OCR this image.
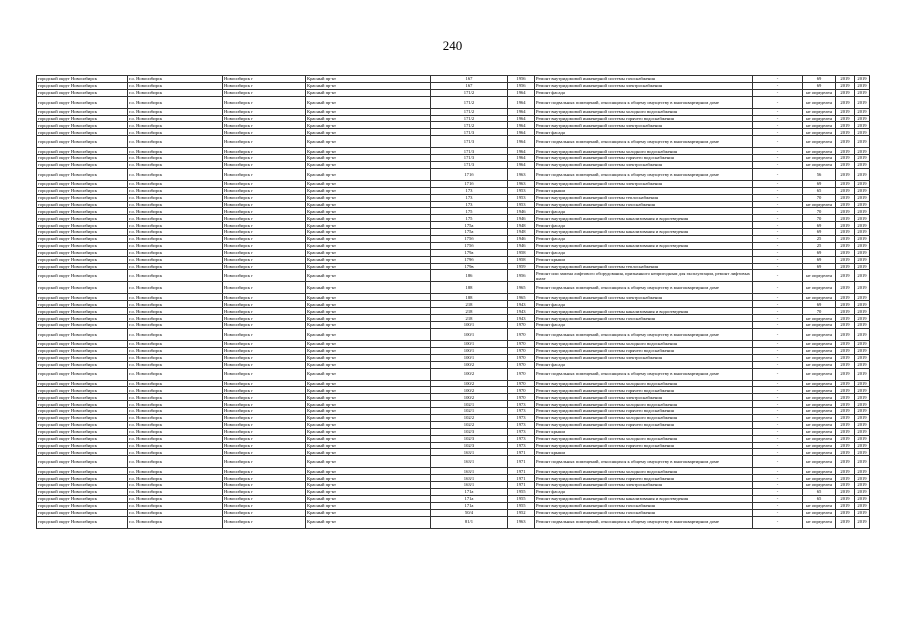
240
городской округ Новосибирск	г.о. Новосибирск	Новосибирск г	Красный пр-кт	167	1956	Ремонт внутридомовой инженерной системы газоснабжения	-	69	2019	2019
городской округ Новосибирск	г.о. Новосибирск	Новосибирск г	Красный пр-кт	167	1956	Ремонт внутридомовой инженерной системы электроснабжения	-	69	2019	2019
городской округ Новосибирск	г.о. Новосибирск	Новосибирск г	Красный пр-кт	171/2	1964	Ремонт фасада	-	не определен	2019	2019
городской округ Новосибирск	г.о. Новосибирск	Новосибирск г	Красный пр-кт	171/2	1964	Ремонт подвальных помещений, относящихся к общему имуществу в многоквартирном доме	-	не определен	2019	2019
городской округ Новосибирск	г.о. Новосибирск	Новосибирск г	Красный пр-кт	171/2	1964	Ремонт внутридомовой инженерной системы холодного водоснабжения	-	не определен	2019	2019
городской округ Новосибирск	г.о. Новосибирск	Новосибирск г	Красный пр-кт	171/2	1964	Ремонт внутридомовой инженерной системы горячего водоснабжения	-	не определен	2019	2019
городской округ Новосибирск	г.о. Новосибирск	Новосибирск г	Красный пр-кт	171/2	1964	Ремонт внутридомовой инженерной системы электроснабжения	-	не определен	2019	2019
городской округ Новосибирск	г.о. Новосибирск	Новосибирск г	Красный пр-кт	171/3	1964	Ремонт фасада	-	не определен	2019	2019
городской округ Новосибирск	г.о. Новосибирск	Новосибирск г	Красный пр-кт	171/3	1964	Ремонт подвальных помещений, относящихся к общему имуществу в многоквартирном доме	-	не определен	2019	2019
городской округ Новосибирск	г.о. Новосибирск	Новосибирск г	Красный пр-кт	171/3	1964	Ремонт внутридомовой инженерной системы холодного водоснабжения	-	не определен	2019	2019
городской округ Новосибирск	г.о. Новосибирск	Новосибирск г	Красный пр-кт	171/3	1964	Ремонт внутридомовой инженерной системы горячего водоснабжения	-	не определен	2019	2019
городской округ Новосибирск	г.о. Новосибирск	Новосибирск г	Красный пр-кт	171/3	1964	Ремонт внутридомовой инженерной системы электроснабжения	-	не определен	2019	2019
городской округ Новосибирск	г.о. Новосибирск	Новосибирск г	Красный пр-кт	171б	1963	Ремонт подвальных помещений, относящихся к общему имуществу в многоквартирном доме	-	56	2019	2019
городской округ Новосибирск	г.о. Новосибирск	Новосибирск г	Красный пр-кт	171б	1963	Ремонт внутридомовой инженерной системы электроснабжения	-	69	2019	2019
городской округ Новосибирск	г.о. Новосибирск	Новосибирск г	Красный пр-кт	173	1953	Ремонт крыши	-	65	2019	2019
городской округ Новосибирск	г.о. Новосибирск	Новосибирск г	Красный пр-кт	173	1953	Ремонт внутридомовой инженерной системы теплоснабжения	-	70	2019	2019
городской округ Новосибирск	г.о. Новосибирск	Новосибирск г	Красный пр-кт	173	1953	Ремонт внутридомовой инженерной системы газоснабжения	-	не определен	2019	2019
городской округ Новосибирск	г.о. Новосибирск	Новосибирск г	Красный пр-кт	175	1946	Ремонт фасада	-	70	2019	2019
городской округ Новосибирск	г.о. Новосибирск	Новосибирск г	Красный пр-кт	175	1946	Ремонт внутридомовой инженерной системы канализования и водоотведения	-	70	2019	2019
городской округ Новосибирск	г.о. Новосибирск	Новосибирск г	Красный пр-кт	175а	1948	Ремонт фасада	-	69	2019	2019
городской округ Новосибирск	г.о. Новосибирск	Новосибирск г	Красный пр-кт	175а	1948	Ремонт внутридомовой инженерной системы канализования и водоотведения	-	69	2019	2019
городской округ Новосибирск	г.о. Новосибирск	Новосибирск г	Красный пр-кт	175б	1946	Ремонт фасада	-	25	2019	2019
городской округ Новосибирск	г.о. Новосибирск	Новосибирск г	Красный пр-кт	175б	1946	Ремонт внутридомовой инженерной системы канализования и водоотведения	-	25	2019	2019
городской округ Новосибирск	г.о. Новосибирск	Новосибирск г	Красный пр-кт	179а	1958	Ремонт фасада	-	69	2019	2019
городской округ Новосибирск	г.о. Новосибирск	Новосибирск г	Красный пр-кт	179б	1958	Ремонт крыши	-	69	2019	2019
городской округ Новосибирск	г.о. Новосибирск	Новосибирск г	Красный пр-кт	179в	1959	Ремонт внутридомовой инженерной системы теплоснабжения	-	69	2019	2019
городской округ Новосибирск	г.о. Новосибирск	Новосибирск г	Красный пр-кт	186	1956	Ремонт или замена лифтового оборудования, признанного непригодным для эксплуатации, ремонт лифтовых шахт	-	не определен	2019	2019
городской округ Новосибирск	г.о. Новосибирск	Новосибирск г	Красный пр-кт	188	1965	Ремонт подвальных помещений, относящихся к общему имуществу в многоквартирном доме	-	не определен	2019	2019
городской округ Новосибирск	г.о. Новосибирск	Новосибирск г	Красный пр-кт	188	1965	Ремонт внутридомовой инженерной системы электроснабжения	-	не определен	2019	2019
городской округ Новосибирск	г.о. Новосибирск	Новосибирск г	Красный пр-кт	218	1943	Ремонт фасада	-	69	2019	2019
городской округ Новосибирск	г.о. Новосибирск	Новосибирск г	Красный пр-кт	218	1943	Ремонт внутридомовой инженерной системы канализования и водоотведения	-	70	2019	2019
городской округ Новосибирск	г.о. Новосибирск	Новосибирск г	Красный пр-кт	218	1943	Ремонт внутридомовой инженерной системы газоснабжения	-	не определен	2019	2019
городской округ Новосибирск	г.о. Новосибирск	Новосибирск г	Красный пр-кт	100/1	1970	Ремонт фасада	-	не определен	2019	2019
городской округ Новосибирск	г.о. Новосибирск	Новосибирск г	Красный пр-кт	100/1	1970	Ремонт подвальных помещений, относящихся к общему имуществу в многоквартирном доме	-	не определен	2019	2019
городской округ Новосибирск	г.о. Новосибирск	Новосибирск г	Красный пр-кт	100/1	1970	Ремонт внутридомовой инженерной системы холодного водоснабжения	-	не определен	2019	2019
городской округ Новосибирск	г.о. Новосибирск	Новосибирск г	Красный пр-кт	100/1	1970	Ремонт внутридомовой инженерной системы горячего водоснабжения	-	не определен	2019	2019
городской округ Новосибирск	г.о. Новосибирск	Новосибирск г	Красный пр-кт	100/1	1970	Ремонт внутридомовой инженерной системы электроснабжения	-	не определен	2019	2019
городской округ Новосибирск	г.о. Новосибирск	Новосибирск г	Красный пр-кт	100/2	1970	Ремонт фасада	-	не определен	2019	2019
городской округ Новосибирск	г.о. Новосибирск	Новосибирск г	Красный пр-кт	100/2	1970	Ремонт подвальных помещений, относящихся к общему имуществу в многоквартирном доме	-	не определен	2019	2019
городской округ Новосибирск	г.о. Новосибирск	Новосибирск г	Красный пр-кт	100/2	1970	Ремонт внутридомовой инженерной системы холодного водоснабжения	-	не определен	2019	2019
городской округ Новосибирск	г.о. Новосибирск	Новосибирск г	Красный пр-кт	100/2	1970	Ремонт внутридомовой инженерной системы горячего водоснабжения	-	не определен	2019	2019
городской округ Новосибирск	г.о. Новосибирск	Новосибирск г	Красный пр-кт	100/2	1970	Ремонт внутридомовой инженерной системы электроснабжения	-	не определен	2019	2019
городской округ Новосибирск	г.о. Новосибирск	Новосибирск г	Красный пр-кт	102/1	1973	Ремонт внутридомовой инженерной системы холодного водоснабжения	-	не определен	2019	2019
городской округ Новосибирск	г.о. Новосибирск	Новосибирск г	Красный пр-кт	102/1	1973	Ремонт внутридомовой инженерной системы горячего водоснабжения	-	не определен	2019	2019
городской округ Новосибирск	г.о. Новосибирск	Новосибирск г	Красный пр-кт	102/2	1973	Ремонт внутридомовой инженерной системы холодного водоснабжения	-	не определен	2019	2019
городской округ Новосибирск	г.о. Новосибирск	Новосибирск г	Красный пр-кт	102/2	1973	Ремонт внутридомовой инженерной системы горячего водоснабжения	-	не определен	2019	2019
городской округ Новосибирск	г.о. Новосибирск	Новосибирск г	Красный пр-кт	102/3	1973	Ремонт крыши	-	не определен	2019	2019
городской округ Новосибирск	г.о. Новосибирск	Новосибирск г	Красный пр-кт	102/3	1973	Ремонт внутридомовой инженерной системы холодного водоснабжения	-	не определен	2019	2019
городской округ Новосибирск	г.о. Новосибирск	Новосибирск г	Красный пр-кт	102/3	1973	Ремонт внутридомовой инженерной системы горячего водоснабжения	-	не определен	2019	2019
городской округ Новосибирск	г.о. Новосибирск	Новосибирск г	Красный пр-кт	163/1	1971	Ремонт крыши	-	не определен	2019	2019
городской округ Новосибирск	г.о. Новосибирск	Новосибирск г	Красный пр-кт	163/1	1971	Ремонт подвальных помещений, относящихся к общему имуществу в многоквартирном доме	-	не определен	2019	2019
городской округ Новосибирск	г.о. Новосибирск	Новосибирск г	Красный пр-кт	163/1	1971	Ремонт внутридомовой инженерной системы холодного водоснабжения	-	не определен	2019	2019
городской округ Новосибирск	г.о. Новосибирск	Новосибирск г	Красный пр-кт	163/1	1971	Ремонт внутридомовой инженерной системы горячего водоснабжения	-	не определен	2019	2019
городской округ Новосибирск	г.о. Новосибирск	Новосибирск г	Красный пр-кт	163/1	1971	Ремонт внутридомовой инженерной системы электроснабжения	-	не определен	2019	2019
городской округ Новосибирск	г.о. Новосибирск	Новосибирск г	Красный пр-кт	171а	1955	Ремонт фасада	-	65	2019	2019
городской округ Новосибирск	г.о. Новосибирск	Новосибирск г	Красный пр-кт	171а	1955	Ремонт внутридомовой инженерной системы канализования и водоотведения	-	65	2019	2019
городской округ Новосибирск	г.о. Новосибирск	Новосибирск г	Красный пр-кт	171а	1955	Ремонт внутридомовой инженерной системы газоснабжения	-	не определен	2019	2019
городской округ Новосибирск	г.о. Новосибирск	Новосибирск г	Красный пр-кт	50/4	1952	Ремонт внутридомовой инженерной системы газоснабжения	-	не определен	2019	2019
городской округ Новосибирск	г.о. Новосибирск	Новосибирск г	Красный пр-кт	81/1	1963	Ремонт подвальных помещений, относящихся к общему имуществу в многоквартирном доме	-	не определен	2019	2019
